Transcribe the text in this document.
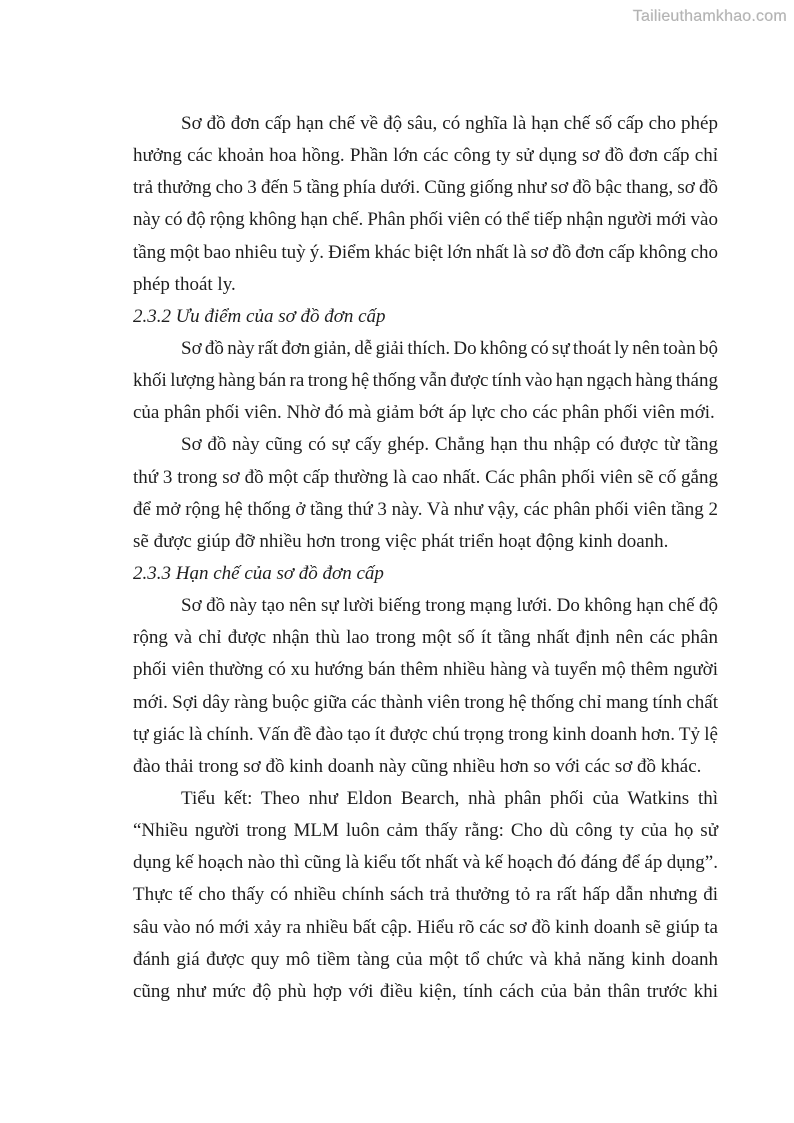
Tailieuthamkhao.com
Sơ đồ đơn cấp hạn chế về độ sâu, có nghĩa là hạn chế số cấp cho phép
hưởng các khoản hoa hồng. Phần lớn các công ty sử dụng sơ đồ đơn cấp chỉ
trả thưởng cho 3 đến 5 tầng phía dưới. Cũng giống như sơ đồ bậc thang, sơ đồ
này có độ rộng không hạn chế. Phân phối viên có thể tiếp nhận người mới vào
tầng một bao nhiêu tuỳ ý. Điểm khác biệt lớn nhất là sơ đồ đơn cấp không cho
phép thoát ly.
2.3.2 Ưu điểm của sơ đồ đơn cấp
Sơ đồ này rất đơn giản, dễ giải thích. Do không có sự thoát ly nên toàn bộ
khối lượng hàng bán ra trong hệ thống vẫn được tính vào hạn ngạch hàng tháng
của phân phối viên. Nhờ đó mà giảm bớt áp lực cho các phân phối viên mới.
Sơ đồ này cũng có sự cấy ghép. Chẳng hạn thu nhập có được từ tầng
thứ 3 trong sơ đồ một cấp thường là cao nhất. Các phân phối viên sẽ cố gắng
để mở rộng hệ thống ở tầng thứ 3 này. Và như vậy, các phân phối viên tầng 2
sẽ được giúp đỡ nhiều hơn trong việc phát triển hoạt động kinh doanh.
2.3.3 Hạn chế của sơ đồ đơn cấp
Sơ đồ này tạo nên sự lười biếng trong mạng lưới. Do không hạn chế độ
rộng và chỉ được nhận thù lao trong một số ít tầng nhất định nên các phân
phối viên thường có xu hướng bán thêm nhiều hàng và tuyển mộ thêm người
mới. Sợi dây ràng buộc giữa các thành viên trong hệ thống chỉ mang tính chất
tự giác là chính. Vấn đề đào tạo ít được chú trọng trong kinh doanh hơn. Tỷ lệ
đào thải trong sơ đồ kinh doanh này cũng nhiều hơn so với các sơ đồ khác.
Tiểu kết: Theo như Eldon Bearch, nhà phân phối của Watkins thì
“Nhiều người trong MLM luôn cảm thấy rằng: Cho dù công ty của họ sử
dụng kế hoạch nào thì cũng là kiểu tốt nhất và kế hoạch đó đáng để áp dụng”.
Thực tế cho thấy có nhiều chính sách trả thưởng tỏ ra rất hấp dẫn nhưng đi
sâu vào nó mới xảy ra nhiều bất cập. Hiểu rõ các sơ đồ kinh doanh sẽ giúp ta
đánh giá được quy mô tiềm tàng của một tổ chức và khả năng kinh doanh
cũng như mức độ phù hợp với điều kiện, tính cách của bản thân trước khi
